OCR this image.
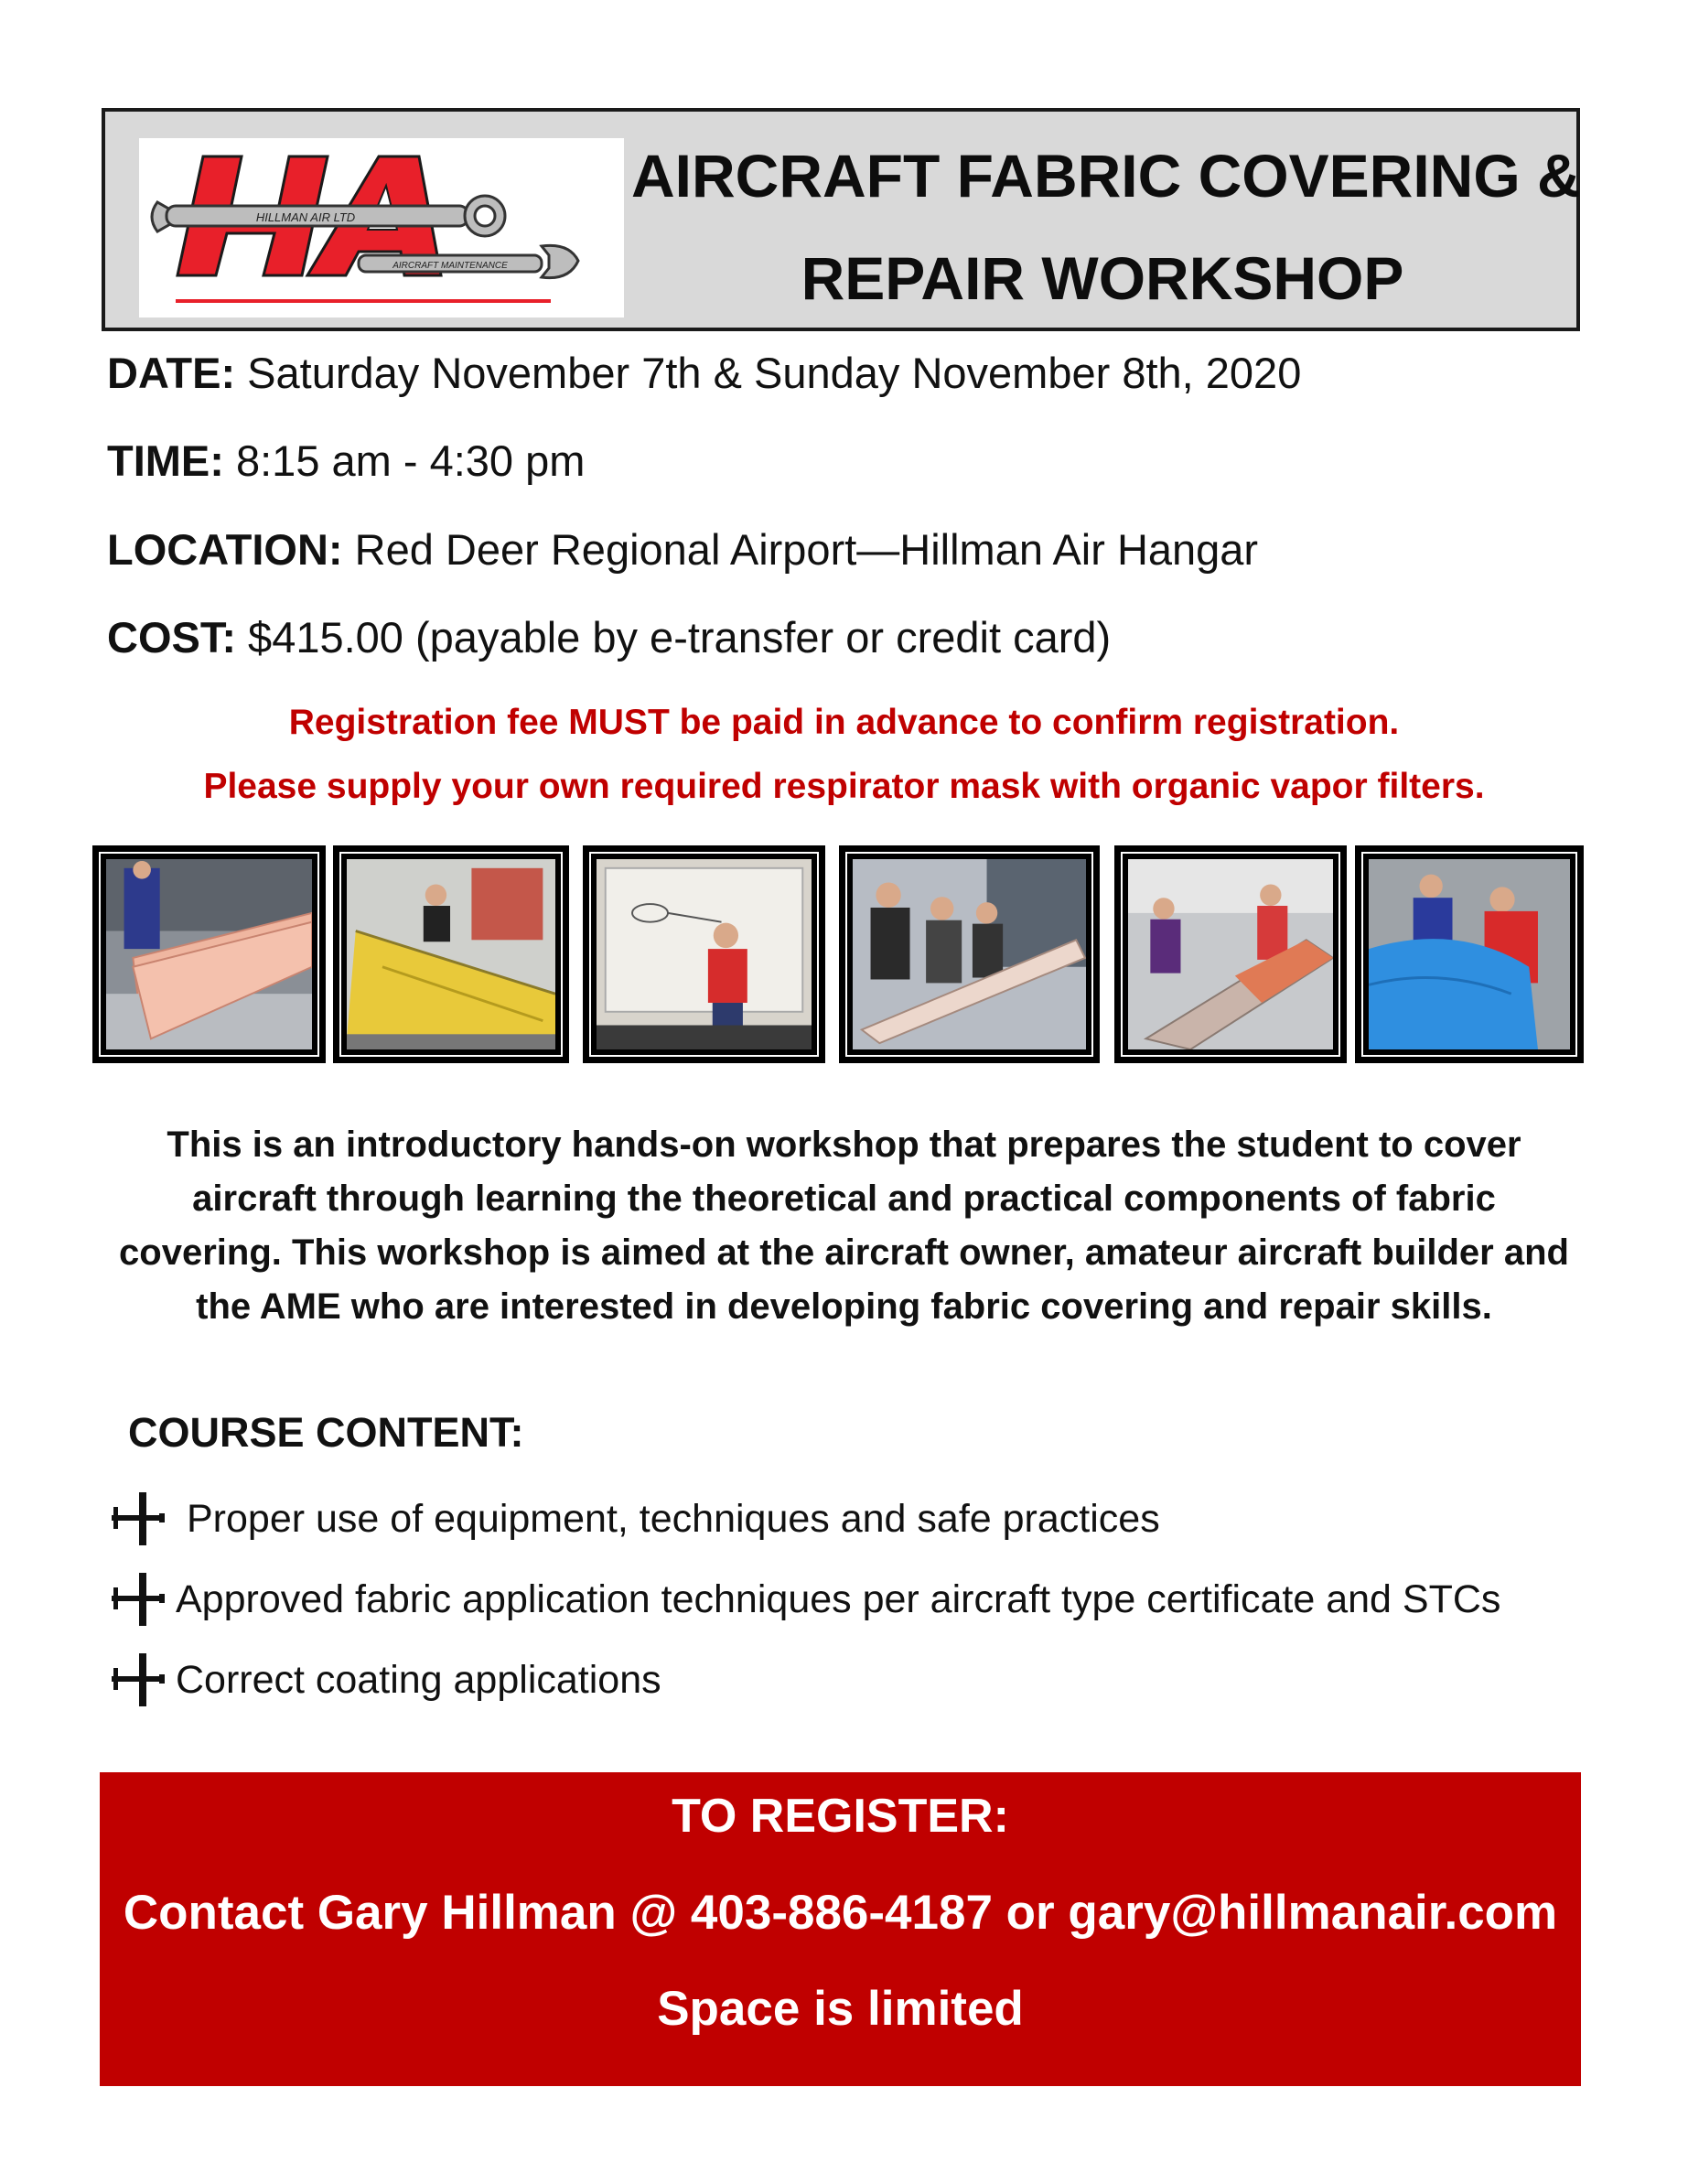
HILLMAN AIR LTD
AIRCRAFT MAINTENANCE
AIRCRAFT FABRIC COVERING &
REPAIR WORKSHOP
DATE: Saturday November 7th & Sunday November 8th, 2020
TIME: 8:15 am - 4:30 pm
LOCATION: Red Deer Regional Airport—Hillman Air Hangar
COST: $415.00 (payable by e-transfer or credit card)
Registration fee MUST be paid in advance to confirm registration.
Please supply your own required respirator mask with organic vapor filters.
This is an introductory hands-on workshop that prepares the student to cover aircraft through learning the theoretical and practical components of fabric covering. This workshop is aimed at the aircraft owner, amateur aircraft builder and the AME who are interested in developing fabric covering and repair skills.
COURSE CONTENT:
Proper use of equipment, techniques and safe practices
Approved fabric application techniques per aircraft type certificate and STCs
Correct coating applications
TO REGISTER:
Contact Gary Hillman @ 403-886-4187 or gary@hillmanair.com
Space is limited
